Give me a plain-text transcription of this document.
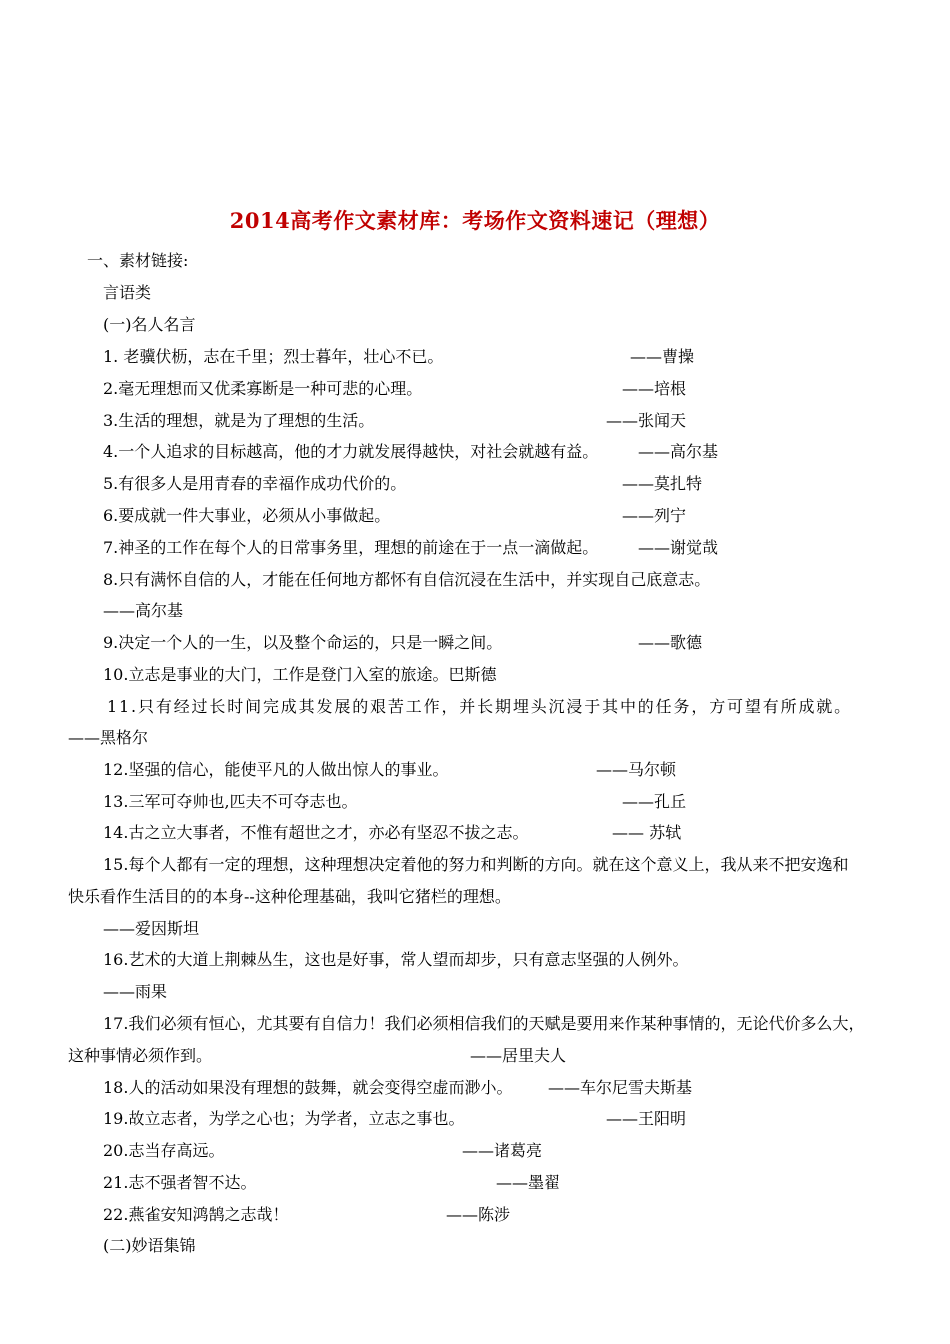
2014高考作文素材库：考场作文资料速记（理想）
一、素材链接:
言语类
(一)名人名言
1. 老骥伏枥，志在千里；烈士暮年，壮心不已。	——曹操
2.毫无理想而又优柔寡断是一种可悲的心理。	——培根
3.生活的理想，就是为了理想的生活。	——张闻天
4.一个人追求的目标越高，他的才力就发展得越快，对社会就越有益。 ——高尔基
5.有很多人是用青春的幸福作成功代价的。	——莫扎特
6.要成就一件大事业，必须从小事做起。	——列宁
7.神圣的工作在每个人的日常事务里，理想的前途在于一点一滴做起。 ——谢觉哉
8.只有满怀自信的人，才能在任何地方都怀有自信沉浸在生活中，并实现自己底意志。
——高尔基
9.决定一个人的一生，以及整个命运的，只是一瞬之间。	——歌德
10.立志是事业的大门，工作是登门入室的旅途。巴斯德
11.只有经过长时间完成其发展的艰苦工作，并长期埋头沉浸于其中的任务，方可望有所成就。
——黑格尔
12.坚强的信心，能使平凡的人做出惊人的事业。	——马尔顿
13.三军可夺帅也,匹夫不可夺志也。	——孔丘
14.古之立大事者，不惟有超世之才，亦必有坚忍不拔之志。	—— 苏轼
15.每个人都有一定的理想，这种理想决定着他的努力和判断的方向。就在这个意义上，我从来不把安逸和
快乐看作生活目的的本身--这种伦理基础，我叫它猪栏的理想。
——爱因斯坦
16.艺术的大道上荆棘丛生，这也是好事，常人望而却步，只有意志坚强的人例外。
——雨果
17.我们必须有恒心，尤其要有自信力！我们必须相信我们的天赋是要用来作某种事情的，无论代价多么大，
这种事情必须作到。	——居里夫人
18.人的活动如果没有理想的鼓舞，就会变得空虚而渺小。 ——车尔尼雪夫斯基
19.故立志者，为学之心也；为学者，立志之事也。	——王阳明
20.志当存高远。	——诸葛亮
21.志不强者智不达。	——墨翟
22.燕雀安知鸿鹄之志哉！	——陈涉
(二)妙语集锦
